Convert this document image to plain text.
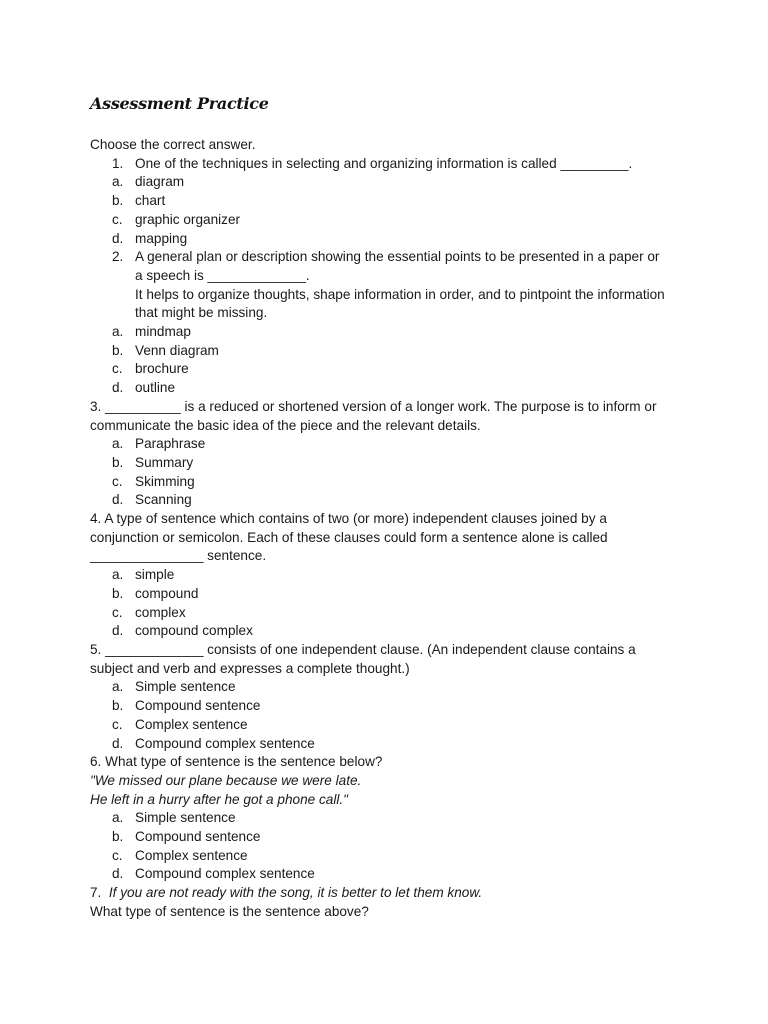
Assessment Practice
Choose the correct answer.
1. One of the techniques in selecting and organizing information is called _________.
a. diagram
b. chart
c. graphic organizer
d. mapping
2. A general plan or description showing the essential points to be presented in a paper or
a speech is _____________.
It helps to organize thoughts, shape information in order, and to pintpoint the information
that might be missing.
a. mindmap
b. Venn diagram
c. brochure
d. outline
3. __________ is a reduced or shortened version of a longer work. The purpose is to inform or
communicate the basic idea of the piece and the relevant details.
a. Paraphrase
b. Summary
c. Skimming
d. Scanning
4. A type of sentence which contains of two (or more) independent clauses joined by a
conjunction or semicolon. Each of these clauses could form a sentence alone is called
_______________ sentence.
a. simple
b. compound
c. complex
d. compound complex
5. _____________ consists of one independent clause. (An independent clause contains a
subject and verb and expresses a complete thought.)
a. Simple sentence
b. Compound sentence
c. Complex sentence
d. Compound complex sentence
6. What type of sentence is the sentence below?
"We missed our plane because we were late.
He left in a hurry after he got a phone call."
a. Simple sentence
b. Compound sentence
c. Complex sentence
d. Compound complex sentence
7. If you are not ready with the song, it is better to let them know.
What type of sentence is the sentence above?
